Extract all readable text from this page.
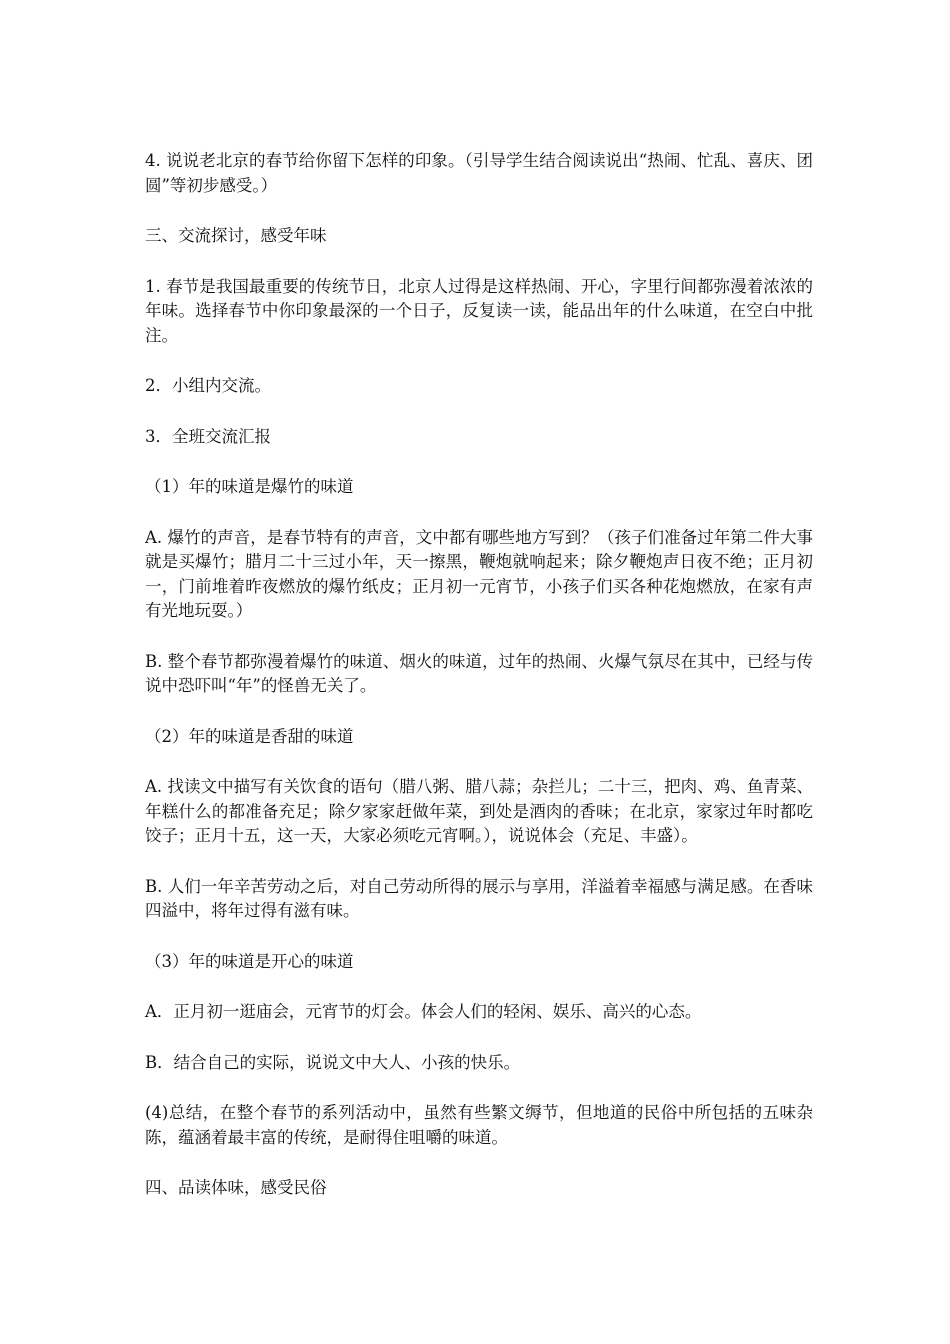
4. 说说老北京的春节给你留下怎样的印象。（引导学生结合阅读说出“热闹、忙乱、喜庆、团圆”等初步感受。）

三、交流探讨，感受年味

1. 春节是我国最重要的传统节日，北京人过得是这样热闹、开心，字里行间都弥漫着浓浓的年味。选择春节中你印象最深的一个日子，反复读一读，能品出年的什么味道，在空白中批注。

2．小组内交流。

3．全班交流汇报

（1）年的味道是爆竹的味道

A. 爆竹的声音，是春节特有的声音，文中都有哪些地方写到？（孩子们准备过年第二件大事就是买爆竹；腊月二十三过小年，天一擦黑，鞭炮就响起来；除夕鞭炮声日夜不绝；正月初一，门前堆着昨夜燃放的爆竹纸皮；正月初一元宵节，小孩子们买各种花炮燃放，在家有声有光地玩耍。）

B. 整个春节都弥漫着爆竹的味道、烟火的味道，过年的热闹、火爆气氛尽在其中，已经与传说中恐吓叫“年”的怪兽无关了。

（2）年的味道是香甜的味道

A. 找读文中描写有关饮食的语句（腊八粥、腊八蒜；杂拦儿；二十三，把肉、鸡、鱼青菜、年糕什么的都准备充足；除夕家家赶做年菜，到处是酒肉的香味；在北京，家家过年时都吃饺子；正月十五，这一天，大家必须吃元宵啊。），说说体会（充足、丰盛）。

B. 人们一年辛苦劳动之后，对自己劳动所得的展示与享用，洋溢着幸福感与满足感。在香味四溢中，将年过得有滋有味。

（3）年的味道是开心的味道

A．正月初一逛庙会，元宵节的灯会。体会人们的轻闲、娱乐、高兴的心态。

B．结合自己的实际，说说文中大人、小孩的快乐。

(4)总结，在整个春节的系列活动中，虽然有些繁文缛节，但地道的民俗中所包括的五味杂陈，蕴涵着最丰富的传统，是耐得住咀嚼的味道。

四、品读体味，感受民俗
